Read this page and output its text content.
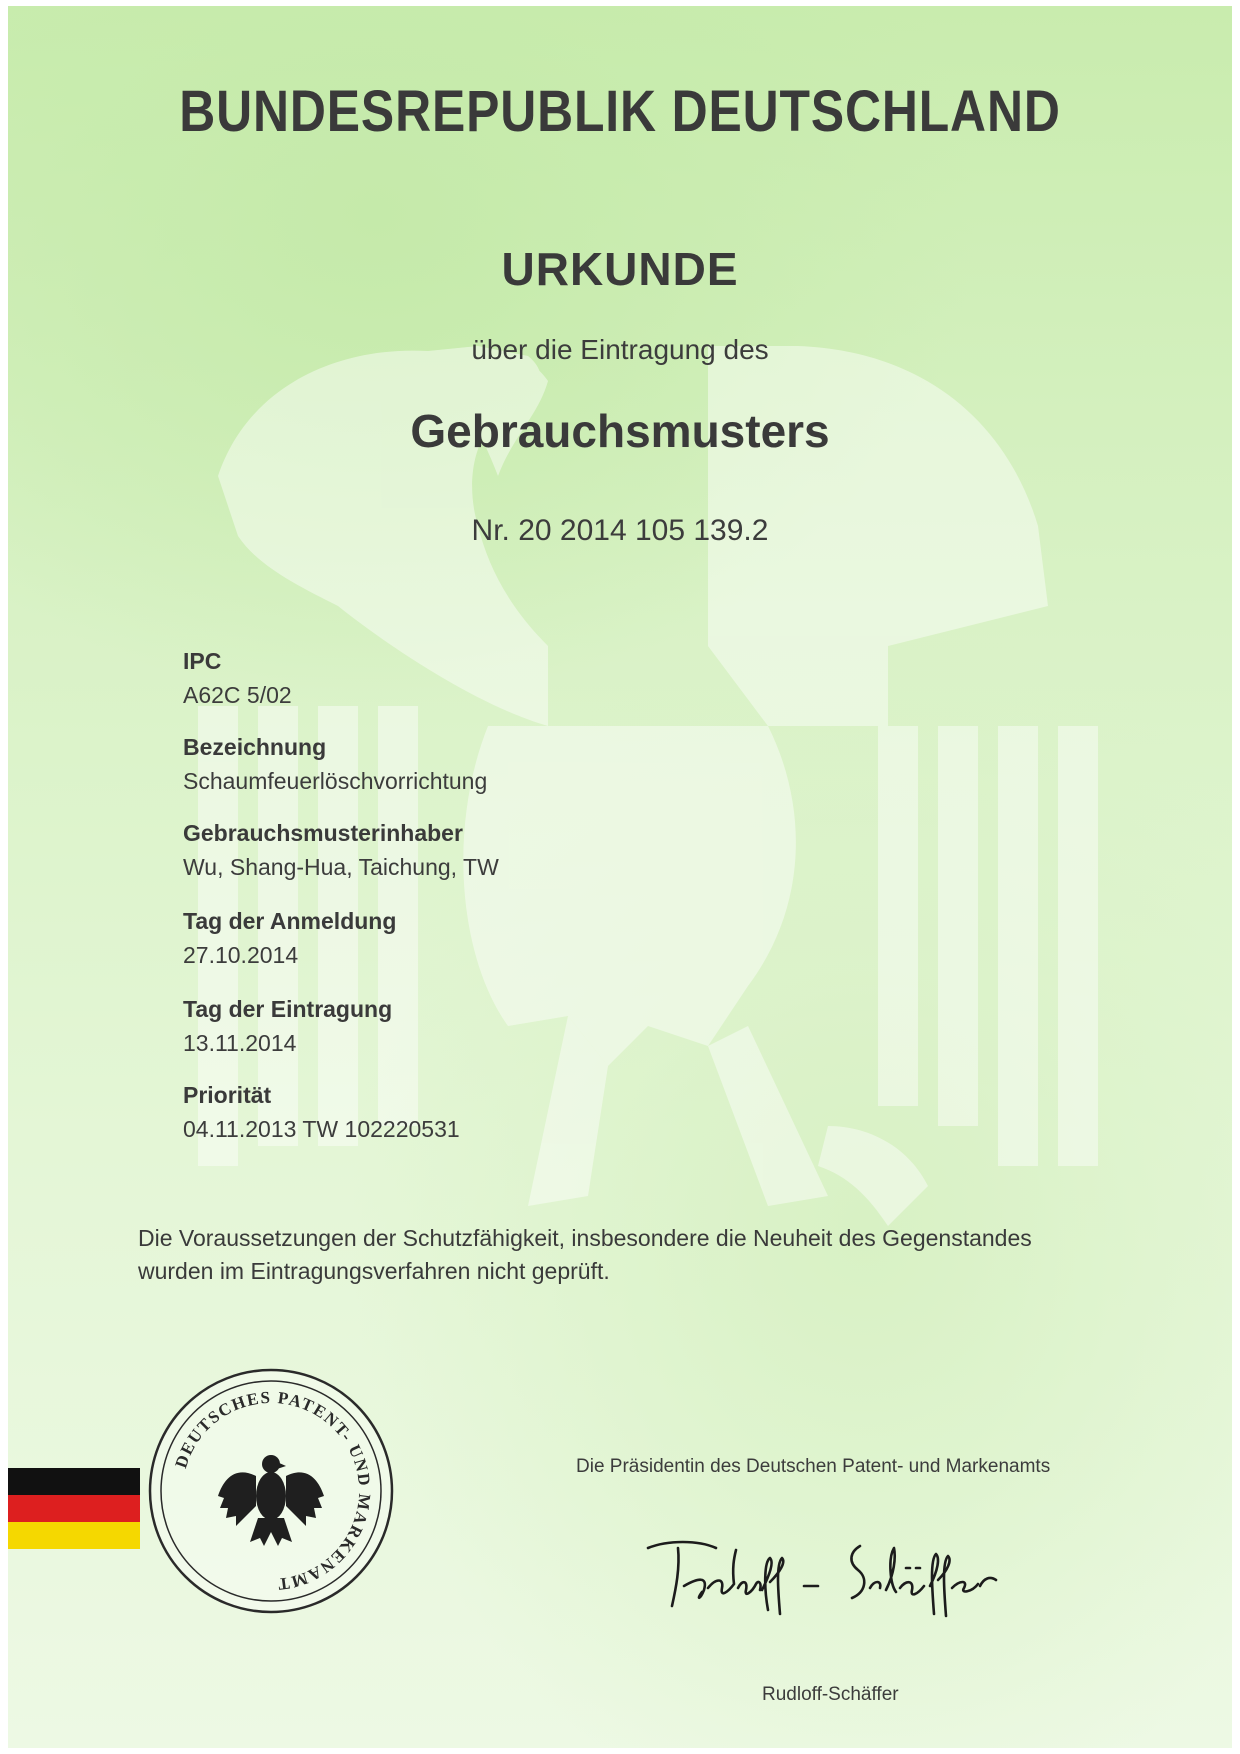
BUNDESREPUBLIK DEUTSCHLAND

URKUNDE

über die Eintragung des

Gebrauchsmusters

Nr. 20 2014 105 139.2

IPC

A62C 5/02

Bezeichnung

Schaumfeuerlöschvorrichtung

Gebrauchsmusterinhaber

Wu, Shang-Hua, Taichung, TW

Tag der Anmeldung

27.10.2014

Tag der Eintragung

13.11.2014

Priorität

04.11.2013 TW 102220531

Die Voraussetzungen der Schutzfähigkeit, insbesondere die Neuheit des Gegenstandes
wurden im Eintragungsverfahren nicht geprüft.
DEUTSCHES PATENT- UND MARKENAMT

Die Präsidentin des Deutschen Patent- und Markenamts

Rudloff-Schäffer
